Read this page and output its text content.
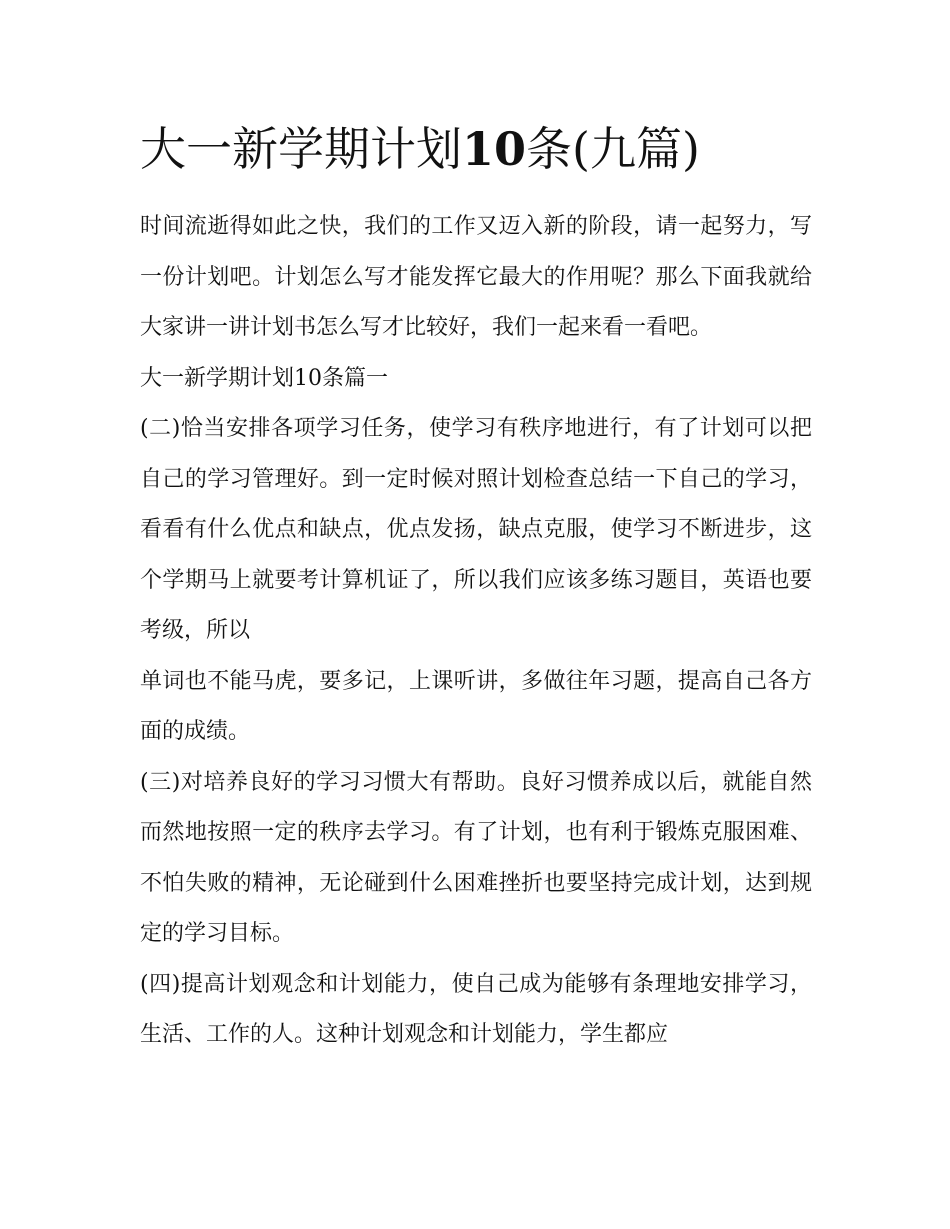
大一新学期计划10条(九篇)

时间流逝得如此之快，我们的工作又迈入新的阶段，请一起努力，写一份计划吧。计划怎么写才能发挥它最大的作用呢？那么下面我就给大家讲一讲计划书怎么写才比较好，我们一起来看一看吧。

大一新学期计划10条篇一

(二)恰当安排各项学习任务，使学习有秩序地进行，有了计划可以把自己的学习管理好。到一定时候对照计划检查总结一下自己的学习，看看有什么优点和缺点，优点发扬，缺点克服，使学习不断进步，这个学期马上就要考计算机证了，所以我们应该多练习题目，英语也要考级，所以

单词也不能马虎，要多记，上课听讲，多做往年习题，提高自己各方面的成绩。

(三)对培养良好的学习习惯大有帮助。良好习惯养成以后，就能自然而然地按照一定的秩序去学习。有了计划，也有利于锻炼克服困难、不怕失败的精神，无论碰到什么困难挫折也要坚持完成计划，达到规定的学习目标。

(四)提高计划观念和计划能力，使自己成为能够有条理地安排学习，生活、工作的人。这种计划观念和计划能力，学生都应
